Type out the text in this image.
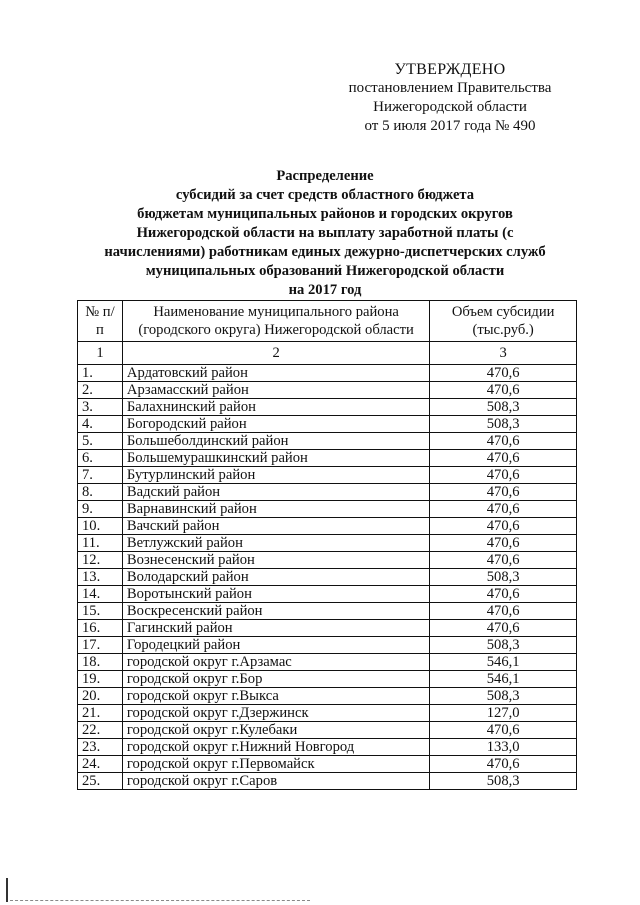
УТВЕРЖДЕНО
постановлением Правительства
Нижегородской области
от 5 июля 2017 года № 490
Распределение
субсидий за счет средств областного бюджета
бюджетам муниципальных районов и городских округов
Нижегородской области на выплату заработной платы (с
начислениями) работникам единых дежурно-диспетчерских служб
муниципальных образований Нижегородской области
на 2017 год
№ п/п	Наименование муниципального района (городского округа) Нижегородской области	Объем субсидии (тыс.руб.)
1	2	3
1.	Ардатовский район	470,6
2.	Арзамасский район	470,6
3.	Балахнинский район	508,3
4.	Богородский район	508,3
5.	Большеболдинский район	470,6
6.	Большемурашкинский район	470,6
7.	Бутурлинский район	470,6
8.	Вадский район	470,6
9.	Варнавинский район	470,6
10.	Вачский район	470,6
11.	Ветлужский район	470,6
12.	Вознесенский район	470,6
13.	Володарский район	508,3
14.	Воротынский район	470,6
15.	Воскресенский район	470,6
16.	Гагинский район	470,6
17.	Городецкий район	508,3
18.	городской округ г.Арзамас	546,1
19.	городской округ г.Бор	546,1
20.	городской округ г.Выкса	508,3
21.	городской округ г.Дзержинск	127,0
22.	городской округ г.Кулебаки	470,6
23.	городской округ г.Нижний Новгород	133,0
24.	городской округ г.Первомайск	470,6
25.	городской округ г.Саров	508,3
